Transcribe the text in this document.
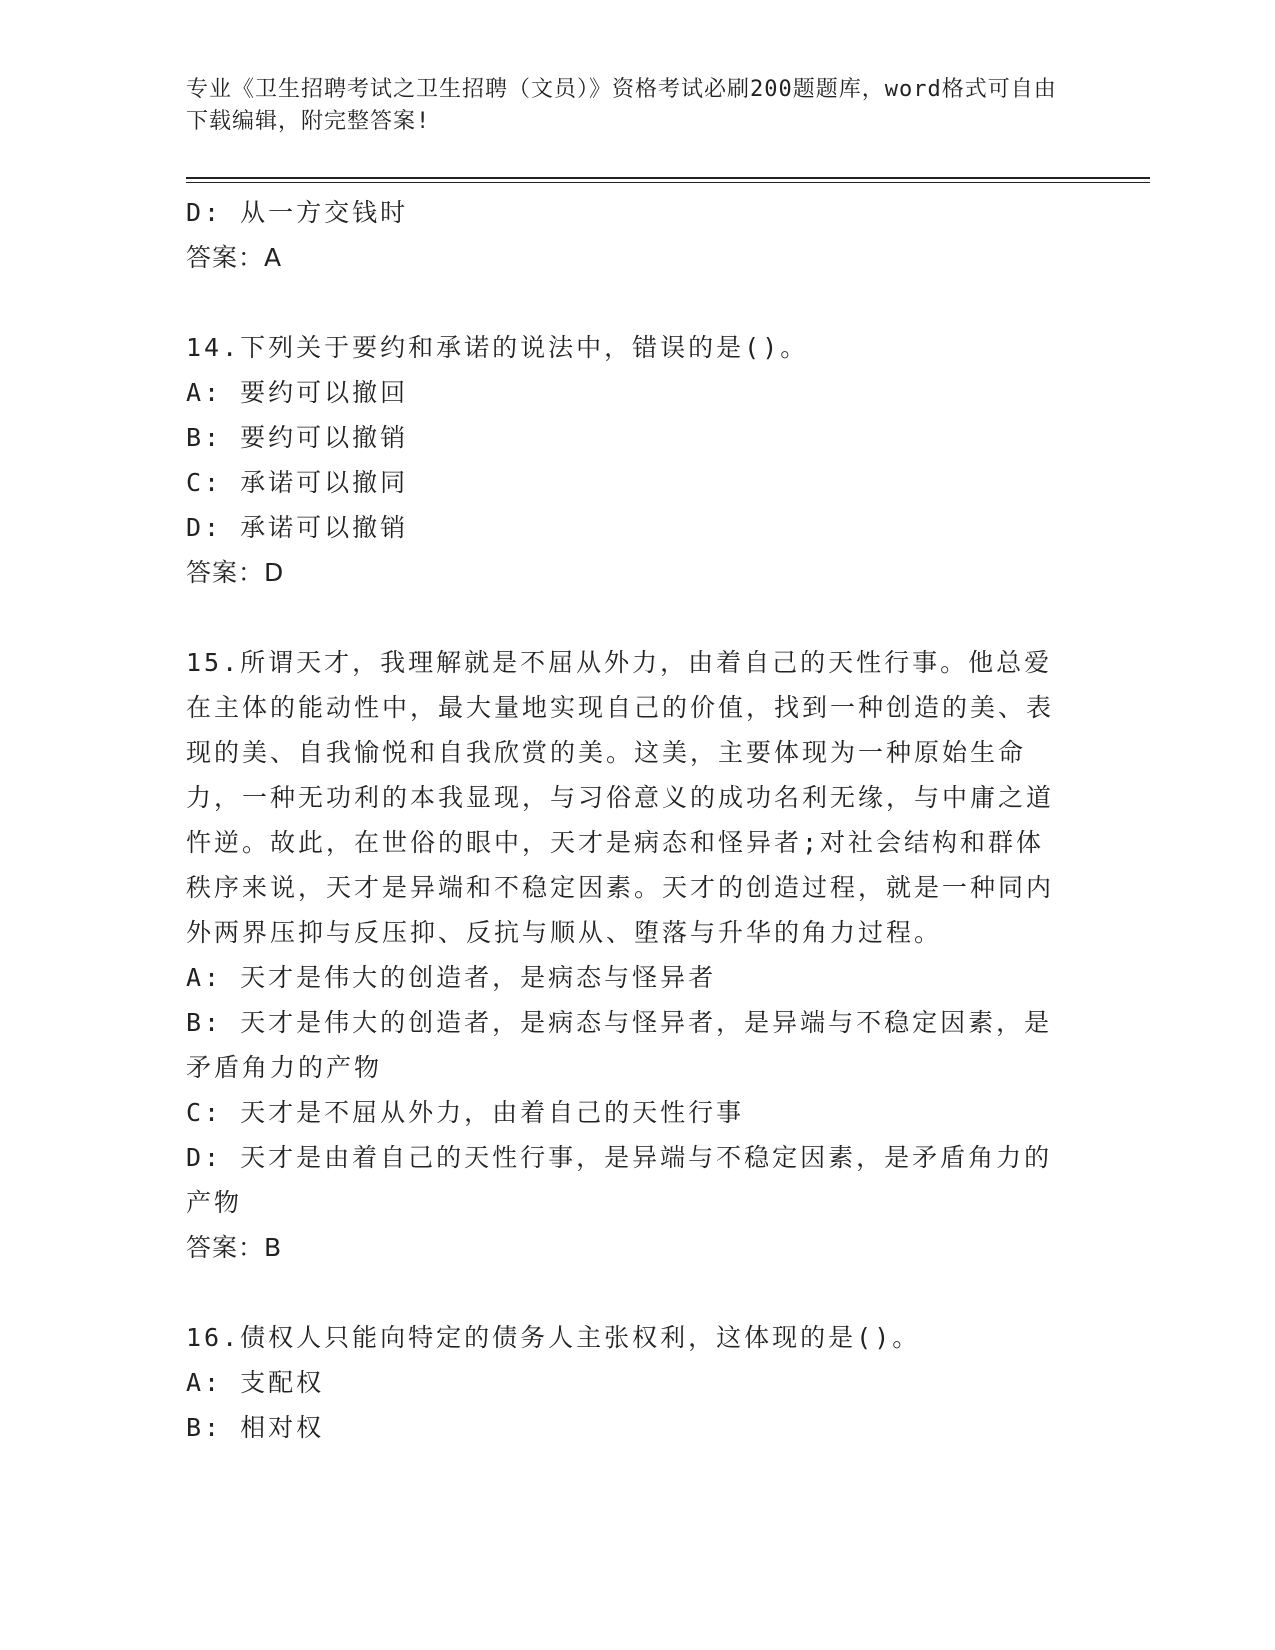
专业《卫生招聘考试之卫生招聘（文员）》资格考试必刷200题题库，word格式可自由下载编辑，附完整答案!

D: 从一方交钱时

答案：A

14.下列关于要约和承诺的说法中，错误的是()。

A: 要约可以撤回

B: 要约可以撤销

C: 承诺可以撤同

D: 承诺可以撤销

答案：D

15.所谓天才，我理解就是不屈从外力，由着自己的天性行事。他总爱在主体的能动性中，最大量地实现自己的价值，找到一种创造的美、表现的美、自我愉悦和自我欣赏的美。这美，主要体现为一种原始生命力，一种无功利的本我显现，与习俗意义的成功名利无缘，与中庸之道忤逆。故此，在世俗的眼中，天才是病态和怪异者;对社会结构和群体秩序来说，天才是异端和不稳定因素。天才的创造过程，就是一种同内外两界压抑与反压抑、反抗与顺从、堕落与升华的角力过程。

A: 天才是伟大的创造者，是病态与怪异者

B: 天才是伟大的创造者，是病态与怪异者，是异端与不稳定因素，是矛盾角力的产物

C: 天才是不屈从外力，由着自己的天性行事

D: 天才是由着自己的天性行事，是异端与不稳定因素，是矛盾角力的产物

答案：B

16.债权人只能向特定的债务人主张权利，这体现的是()。

A: 支配权

B: 相对权
